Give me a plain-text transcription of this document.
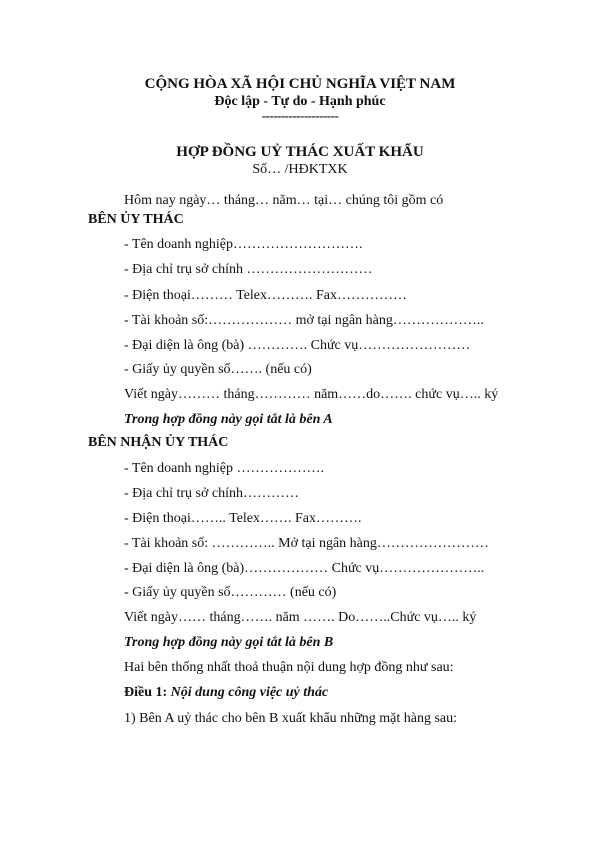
CỘNG HÒA XÃ HỘI CHỦ NGHĨA VIỆT NAM
Độc lập - Tự do - Hạnh phúc
--------------------
HỢP ĐỒNG UỶ THÁC XUẤT KHẨU
Số… /HĐKTXK
Hôm nay ngày… tháng… năm… tại… chúng tôi gồm có
BÊN ỦY THÁC
- Tên doanh nghiệp……………………….
- Địa chỉ trụ sở chính ………………………
- Điện thoại……… Telex………. Fax……………
- Tài khoản số:……………… mở tại ngân hàng………………..
- Đại diện là ông (bà) …………. Chức vụ……………………
- Giấy ủy quyền số……. (nếu có)
Viết ngày……… tháng………… năm……do……. chức vụ….. ký
Trong hợp đồng này gọi tắt là bên A
BÊN NHẬN ỦY THÁC
- Tên doanh nghiệp ……………….
- Địa chỉ trụ sở chính…………
- Điện thoại…….. Telex……. Fax……….
- Tài khoản số: ………….. Mở tại ngân hàng……………………
- Đại diện là ông (bà)……………… Chức vụ…………………..
- Giấy ủy quyền số………… (nếu có)
Viết ngày…… tháng……. năm ……. Do……..Chức vụ….. ký
Trong hợp đồng này gọi tắt là bên B
Hai bên thống nhất thoả thuận nội dung hợp đồng như sau:
Điều 1: Nội dung công việc uỷ thác
1) Bên A uỷ thác cho bên B xuất khẩu những mặt hàng sau:
